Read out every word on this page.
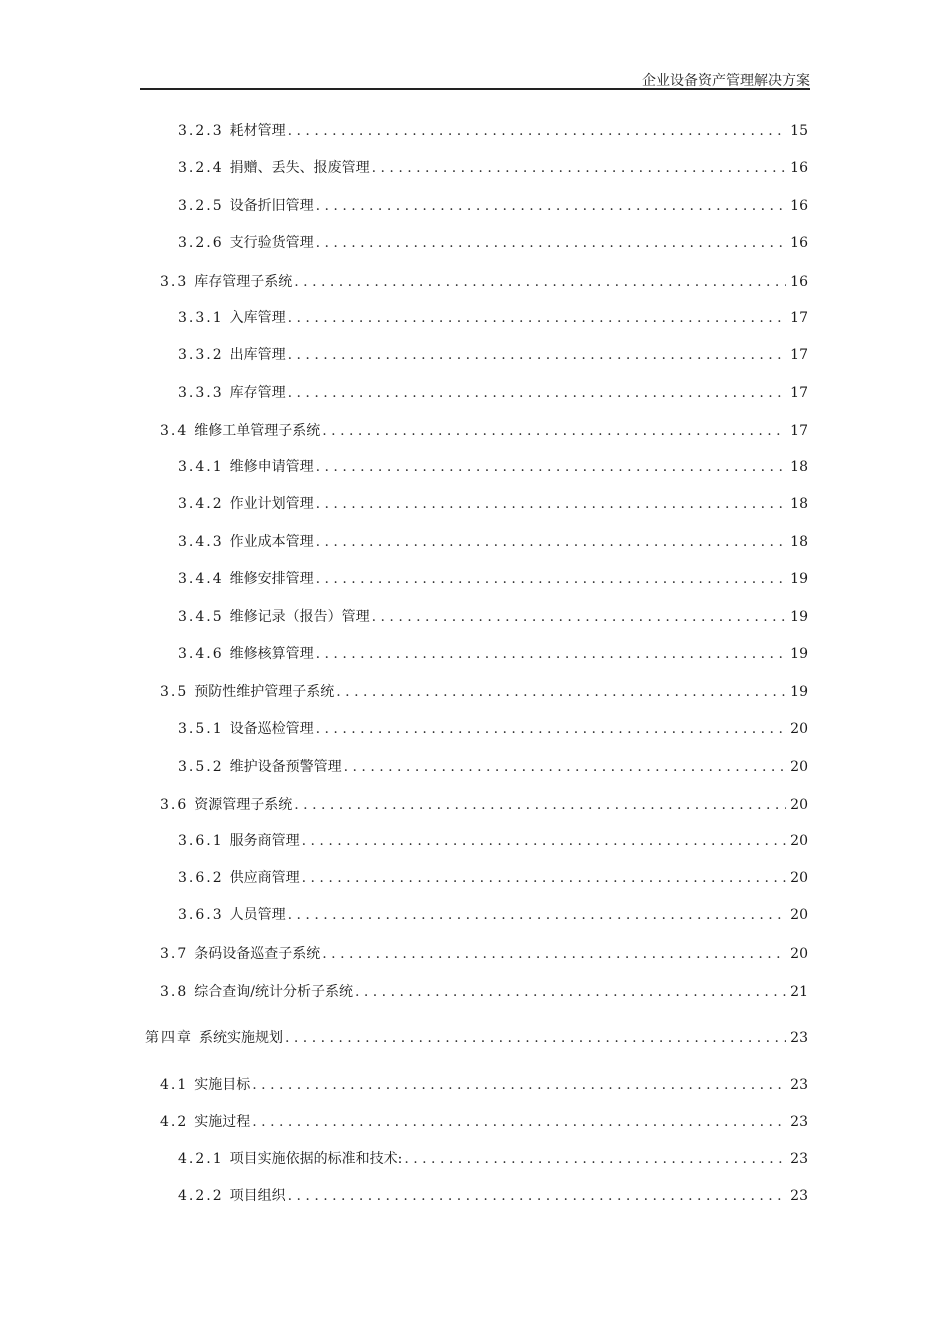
企业设备资产管理解决方案
3.2.3 耗材管理 . . .	15
3.2.4 捐赠、丢失、报废管理 . . .	16
3.2.5 设备折旧管理 . . .	16
3.2.6 支行验货管理 . . .	16
3.3 库存管理子系统 . . .	16
3.3.1 入库管理 . . .	17
3.3.2 出库管理 . . .	17
3.3.3 库存管理 . . .	17
3.4 维修工单管理子系统 . . .	17
3.4.1 维修申请管理 . . .	18
3.4.2 作业计划管理 . . .	18
3.4.3 作业成本管理 . . .	18
3.4.4 维修安排管理 . . .	19
3.4.5 维修记录（报告）管理 . . .	19
3.4.6 维修核算管理 . . .	19
3.5 预防性维护管理子系统 . . .	19
3.5.1 设备巡检管理 . . .	20
3.5.2 维护设备预警管理 . . .	20
3.6 资源管理子系统 . . .	20
3.6.1 服务商管理 . . .	20
3.6.2 供应商管理 . . .	20
3.6.3 人员管理 . . .	20
3.7 条码设备巡查子系统 . . .	20
3.8 综合查询/统计分析子系统 . . .	21
第四章 系统实施规划 . . .	23
4.1 实施目标 . . .	23
4.2 实施过程 . . .	23
4.2.1 项目实施依据的标准和技术: . . .	23
4.2.2 项目组织 . . .	23
